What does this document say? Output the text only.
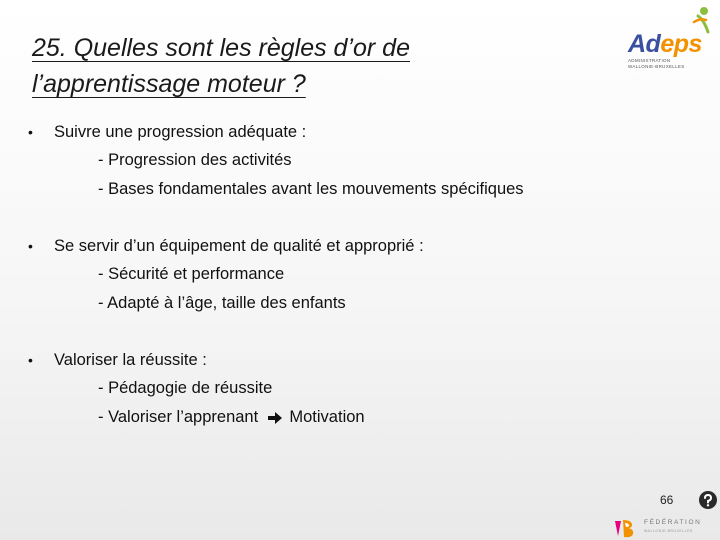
25. Quelles sont les règles d’or de
l’apprentissage moteur ?
Adeps
ADMINISTRATION
WALLONIE-BRUXELLES
• Suivre une progression adéquate :
- Progression des activités
- Bases fondamentales avant les mouvements spécifiques
• Se servir d’un équipement de qualité et approprié :
- Sécurité et performance
- Adapté à l’âge, taille des enfants
• Valoriser la réussite :
- Pédagogie de réussite
- Valoriser l’apprenant Motivation
66
FÉDÉRATION
WALLONIE-BRUXELLES
